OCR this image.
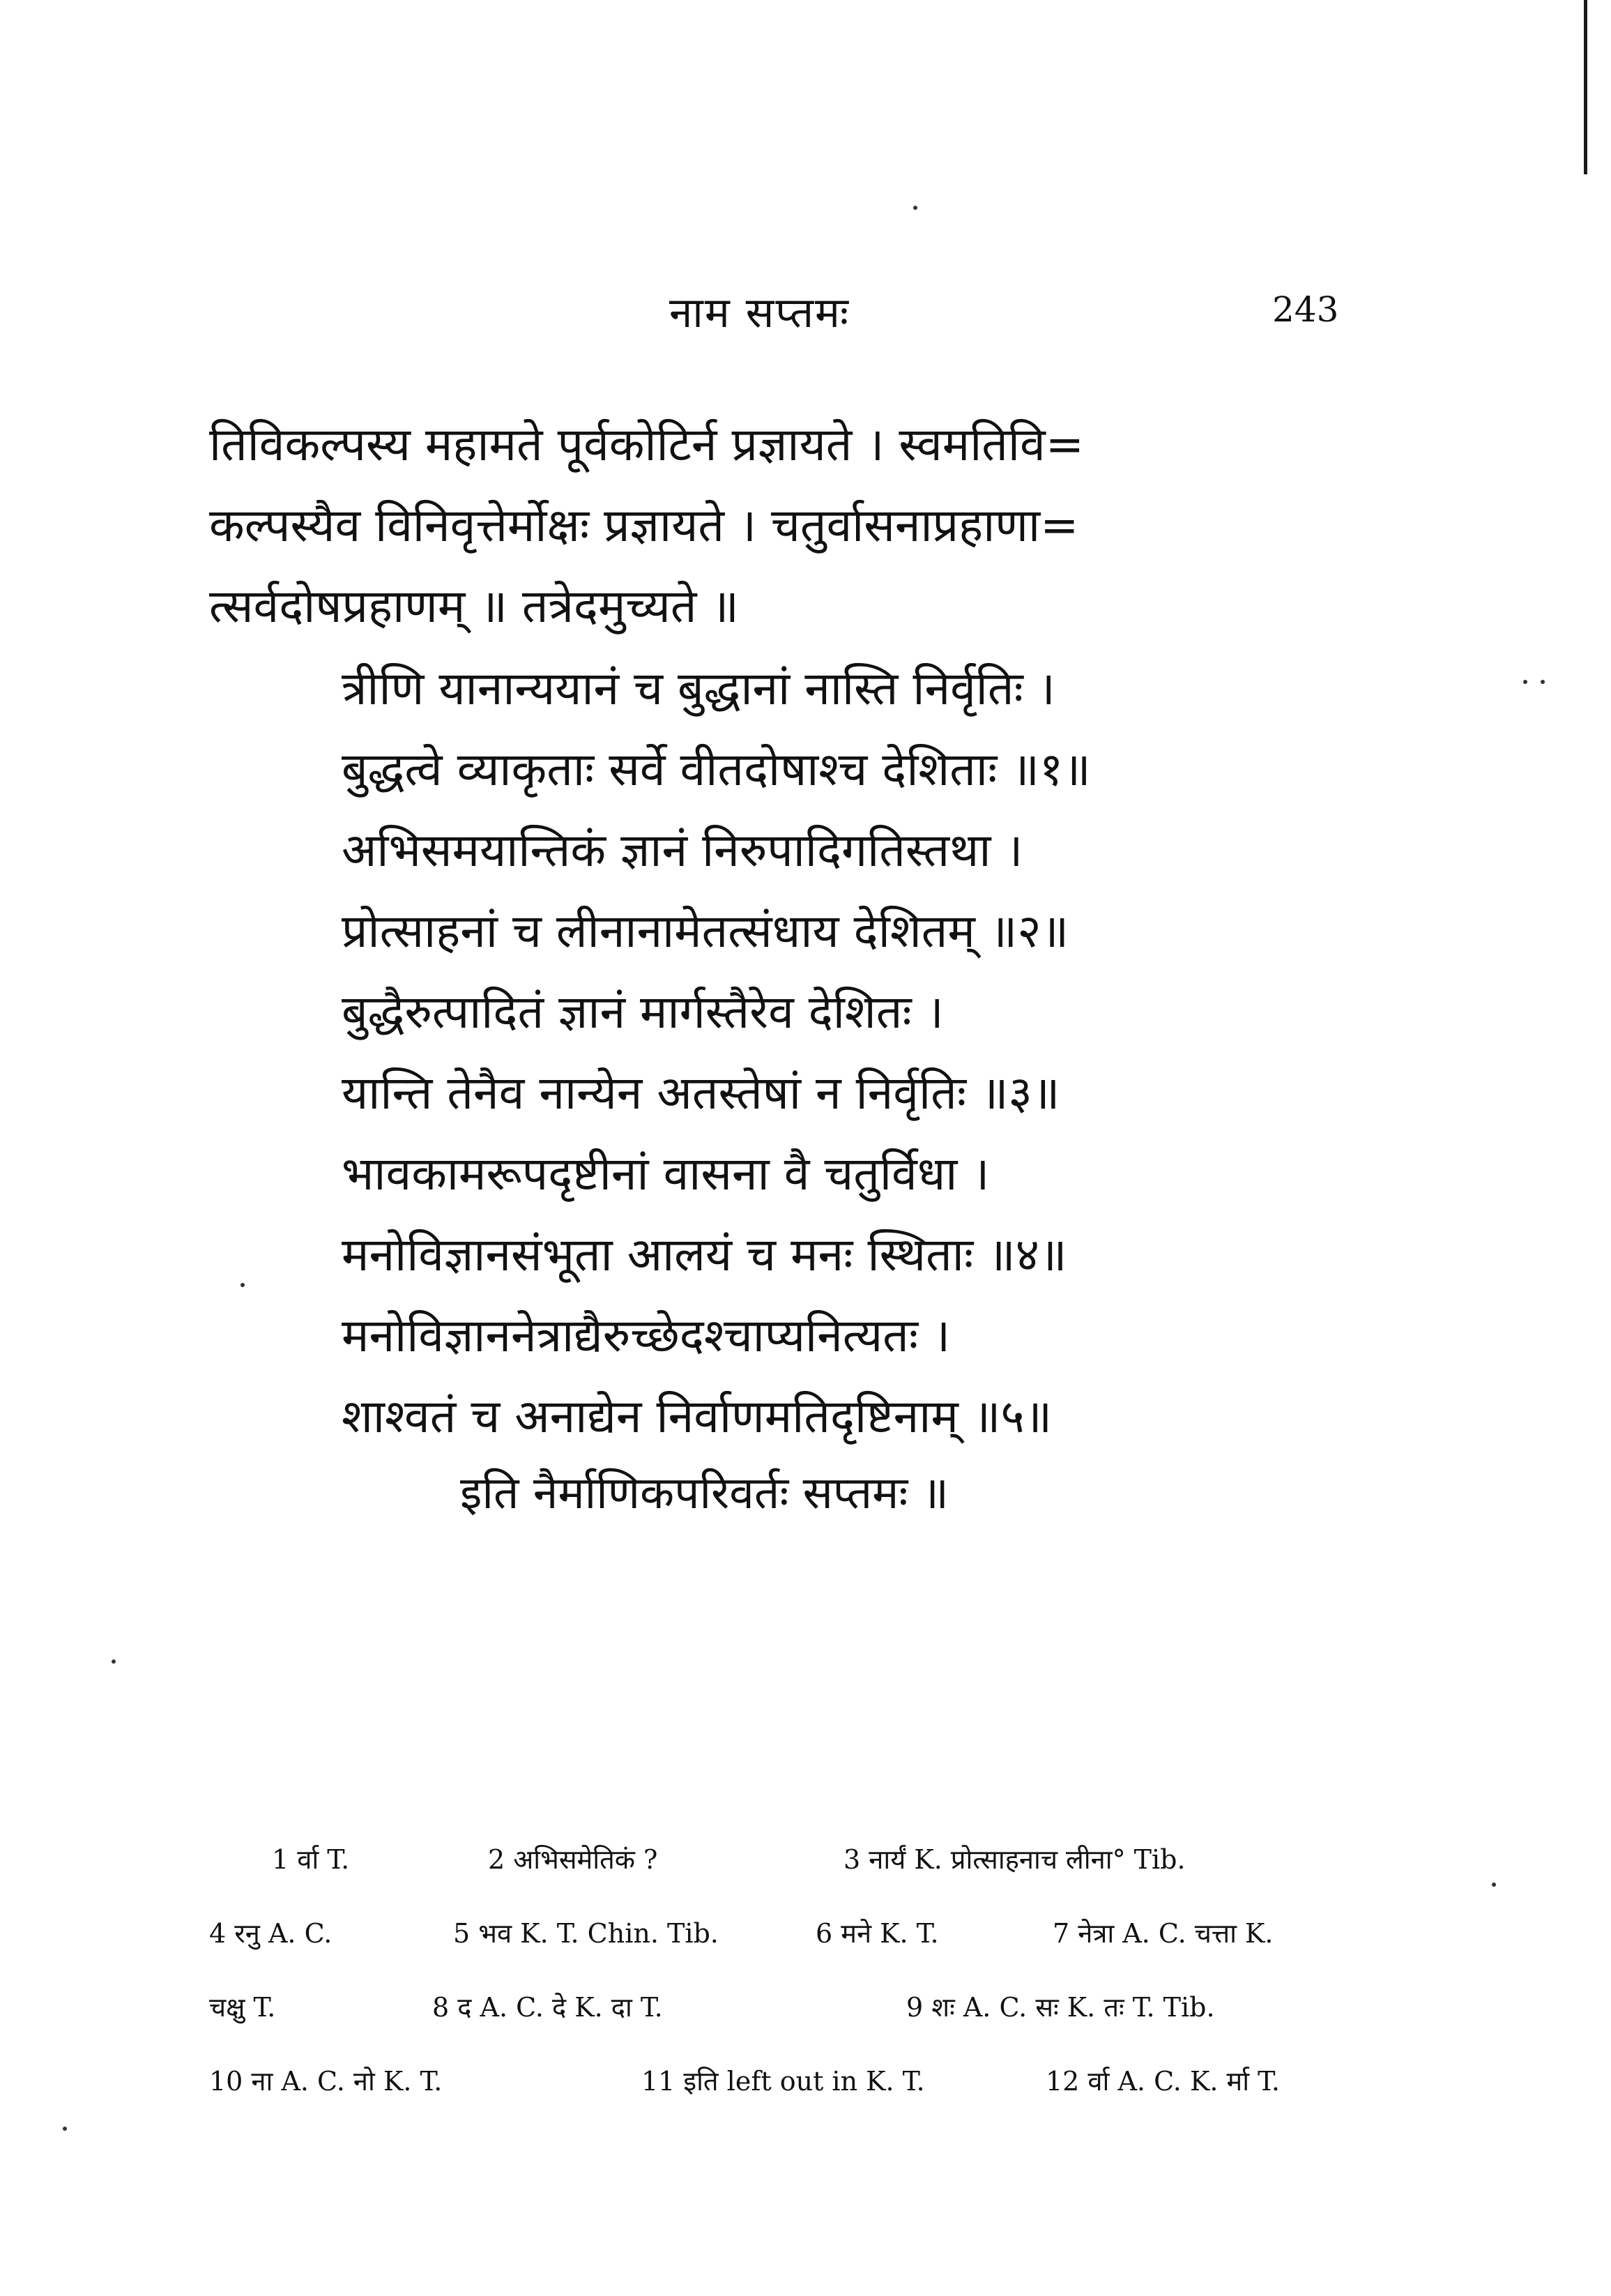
नाम सप्तमः	243
तिविकल्पस्य महामते पूर्वकोटिर्न प्रज्ञायते । स्वमतिवि=
कल्पस्यैव विनिवृत्तेर्मोक्षः प्रज्ञायते । चतुर्वासनाप्रहाणा=
त्सर्वदोषप्रहाणम् ॥ तत्रेदमुच्यते ॥
त्रीणि यानान्ययानं च बुद्धानां नास्ति निर्वृतिः ।
बुद्धत्वे व्याकृताः सर्वे वीतदोषाश्च देशिताः ॥१॥
अभिसमयान्तिकं ज्ञानं निरुपादिगतिस्तथा ।
प्रोत्साहनां च लीनानामेतत्संधाय देशितम् ॥२॥
बुद्धैरुत्पादितं ज्ञानं मार्गस्तैरेव देशितः ।
यान्ति तेनैव नान्येन अतस्तेषां न निर्वृतिः ॥३॥
भावकामरूपदृष्टीनां वासना वै चतुर्विधा ।
मनोविज्ञानसंभूता आलयं च मनः स्थिताः ॥४॥
मनोविज्ञाननेत्राद्यैरुच्छेदश्चाप्यनित्यतः ।
शाश्वतं च अनाद्येन निर्वाणमतिदृष्टिनाम् ॥५॥
इति नैर्माणिकपरिवर्तः सप्तमः ॥
1 र्वा T.	2 अभिसमेतिकं ?	3 नार्यं K. प्रोत्साहनाच लीना° Tib.
4 रनु A. C.	5 भव K. T. Chin. Tib.	6 मने K. T.	7 नेत्रा A. C. चत्ता K.
चक्षु T.	8 द A. C. दे K. दा T.	9 शः A. C. सः K. तः T. Tib.
10 ना A. C. नो K. T.	11 इति left out in K. T.	12 र्वा A. C. K. र्मा T.
